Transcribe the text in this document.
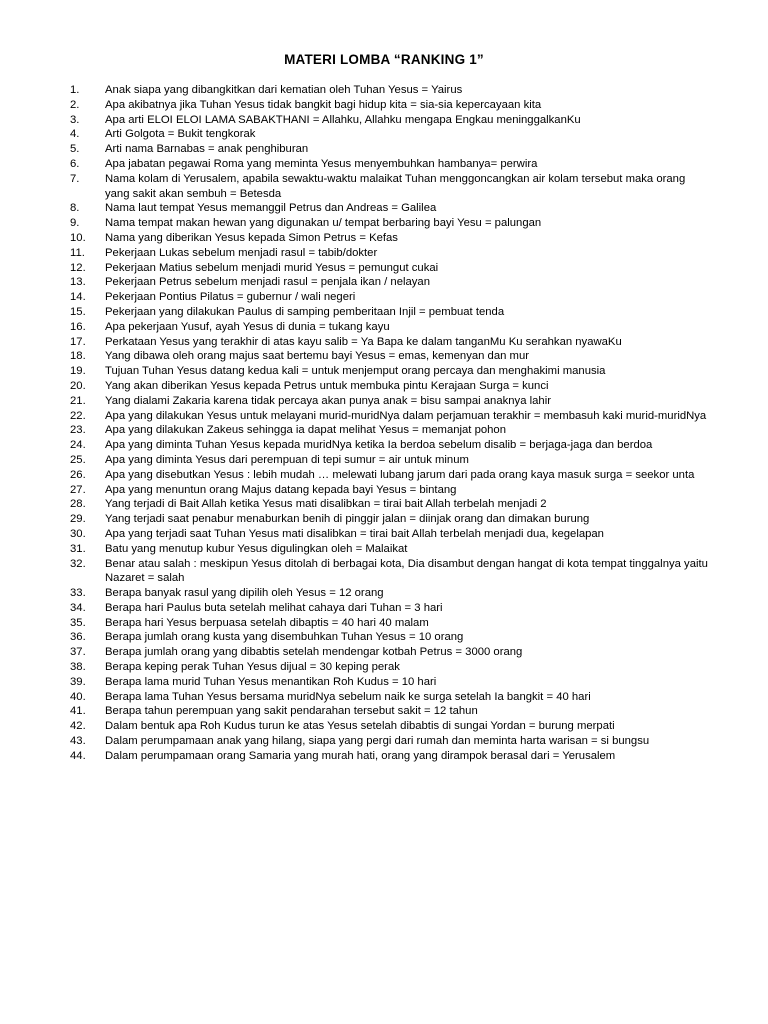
MATERI LOMBA “RANKING 1”
1.	Anak siapa yang dibangkitkan dari kematian oleh Tuhan Yesus = Yairus
2.	Apa akibatnya jika Tuhan Yesus tidak bangkit bagi hidup kita = sia-sia kepercayaan kita
3.	Apa arti ELOI ELOI LAMA SABAKTHANI = Allahku, Allahku mengapa Engkau meninggalkanKu
4.	Arti Golgota = Bukit tengkorak
5.	Arti nama Barnabas = anak penghiburan
6.	Apa jabatan pegawai Roma yang meminta Yesus menyembuhkan hambanya= perwira
7.	Nama kolam di Yerusalem, apabila sewaktu-waktu malaikat Tuhan menggoncangkan air kolam tersebut maka orang yang sakit akan sembuh = Betesda
8.	Nama laut tempat Yesus memanggil Petrus dan Andreas = Galilea
9.	Nama tempat makan hewan yang digunakan u/ tempat berbaring bayi Yesu = palungan
10.	Nama yang diberikan Yesus kepada Simon Petrus = Kefas
11.	Pekerjaan Lukas sebelum menjadi rasul = tabib/dokter
12.	Pekerjaan Matius sebelum menjadi murid Yesus = pemungut cukai
13.	Pekerjaan Petrus sebelum menjadi rasul = penjala ikan / nelayan
14.	Pekerjaan Pontius Pilatus = gubernur / wali negeri
15.	Pekerjaan yang dilakukan Paulus di samping pemberitaan Injil = pembuat tenda
16.	Apa pekerjaan Yusuf, ayah Yesus di dunia = tukang kayu
17.	Perkataan Yesus yang terakhir di atas kayu salib = Ya Bapa ke dalam tanganMu Ku serahkan nyawaKu
18.	Yang dibawa oleh orang majus saat bertemu bayi Yesus = emas, kemenyan dan mur
19.	Tujuan Tuhan Yesus datang kedua kali = untuk menjemput orang percaya dan menghakimi manusia
20.	Yang akan diberikan Yesus kepada Petrus untuk membuka pintu Kerajaan Surga = kunci
21.	Yang dialami Zakaria karena tidak percaya akan punya anak = bisu sampai anaknya lahir
22.	Apa yang dilakukan Yesus untuk melayani murid-muridNya dalam perjamuan terakhir = membasuh kaki murid-muridNya
23.	Apa yang dilakukan Zakeus sehingga ia dapat melihat Yesus = memanjat pohon
24.	Apa yang diminta Tuhan Yesus kepada muridNya ketika Ia berdoa sebelum disalib = berjaga-jaga dan berdoa
25.	Apa yang diminta Yesus dari perempuan di tepi sumur = air untuk minum
26.	Apa yang disebutkan Yesus : lebih mudah … melewati lubang jarum dari pada orang kaya masuk surga = seekor unta
27.	Apa yang menuntun orang Majus datang kepada bayi Yesus = bintang
28.	Yang terjadi di Bait Allah ketika Yesus mati disalibkan = tirai bait Allah terbelah menjadi 2
29.	Yang terjadi saat penabur menaburkan benih di pinggir jalan = diinjak orang dan dimakan burung
30.	Apa yang terjadi saat Tuhan Yesus mati disalibkan = tirai bait Allah terbelah menjadi dua, kegelapan
31.	Batu yang menutup kubur Yesus digulingkan oleh = Malaikat
32.	Benar atau salah : meskipun Yesus ditolah di berbagai kota, Dia disambut dengan hangat di kota tempat tinggalnya yaitu Nazaret = salah
33.	Berapa banyak rasul yang dipilih oleh Yesus = 12 orang
34.	Berapa hari Paulus buta setelah melihat cahaya dari Tuhan = 3 hari
35.	Berapa hari Yesus berpuasa setelah dibaptis = 40 hari 40 malam
36.	Berapa jumlah orang kusta yang disembuhkan Tuhan Yesus = 10 orang
37.	Berapa jumlah orang yang dibabtis setelah mendengar kotbah Petrus = 3000 orang
38.	Berapa keping perak Tuhan Yesus dijual = 30 keping perak
39.	Berapa lama murid Tuhan Yesus menantikan Roh Kudus = 10 hari
40.	Berapa lama Tuhan Yesus bersama muridNya sebelum naik ke surga setelah Ia bangkit = 40 hari
41.	Berapa tahun perempuan yang sakit pendarahan tersebut sakit = 12 tahun
42.	Dalam bentuk apa Roh Kudus turun ke atas Yesus setelah dibabtis di sungai Yordan = burung merpati
43.	Dalam perumpamaan anak yang hilang, siapa yang pergi dari rumah dan meminta harta warisan = si bungsu
44.	Dalam perumpamaan orang Samaria yang murah hati, orang yang dirampok berasal dari = Yerusalem
